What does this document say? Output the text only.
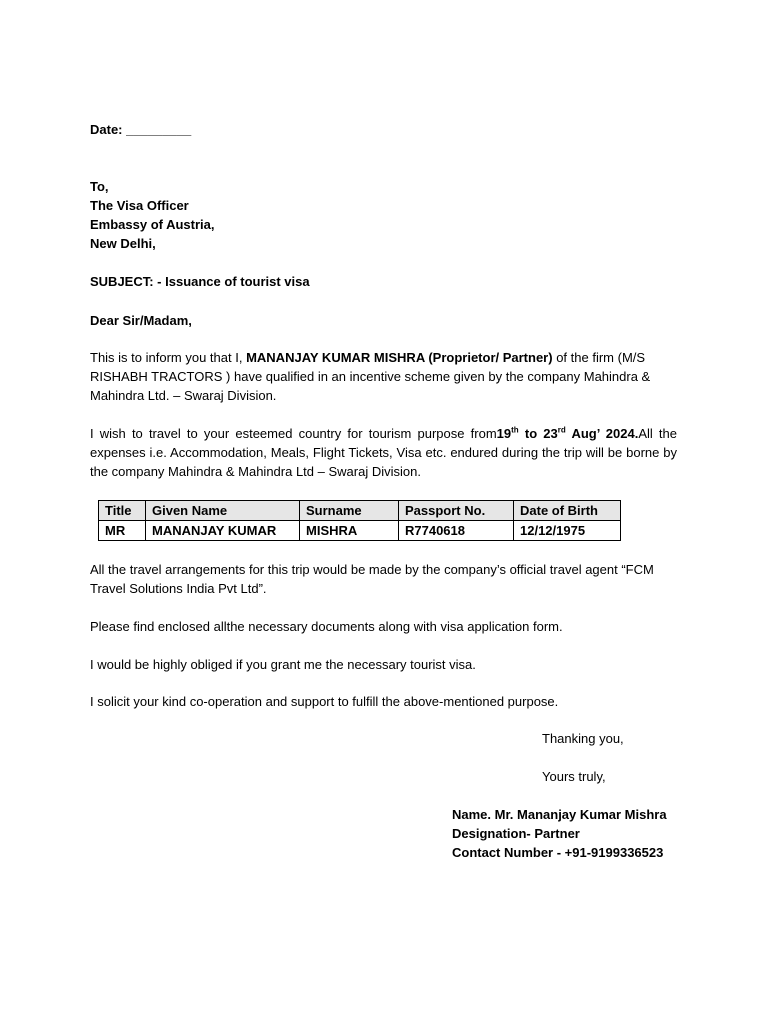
Date: _________
To,
The Visa Officer
Embassy of Austria,
New Delhi,
SUBJECT: - Issuance of tourist visa
Dear Sir/Madam,
This is to inform you that I, MANANJAY KUMAR MISHRA (Proprietor/ Partner) of the firm (M/S RISHABH TRACTORS ) have qualified in an incentive scheme given by the company Mahindra & Mahindra Ltd. – Swaraj Division.
I wish to travel to your esteemed country for tourism purpose from19th to 23rd Aug’ 2024.All the expenses i.e. Accommodation, Meals, Flight Tickets, Visa etc. endured during the trip will be borne by the company Mahindra & Mahindra Ltd – Swaraj Division.
Title	Given Name	Surname	Passport No.	Date of Birth
MR	MANANJAY KUMAR	MISHRA	R7740618	12/12/1975
All the travel arrangements for this trip would be made by the company’s official travel agent “FCM Travel Solutions India Pvt Ltd”.
Please find enclosed allthe necessary documents along with visa application form.
I would be highly obliged if you grant me the necessary tourist visa.
I solicit your kind co-operation and support to fulfill the above-mentioned purpose.
Thanking you,
Yours truly,
Name. Mr. Mananjay Kumar Mishra
Designation- Partner
Contact Number - +91-9199336523
